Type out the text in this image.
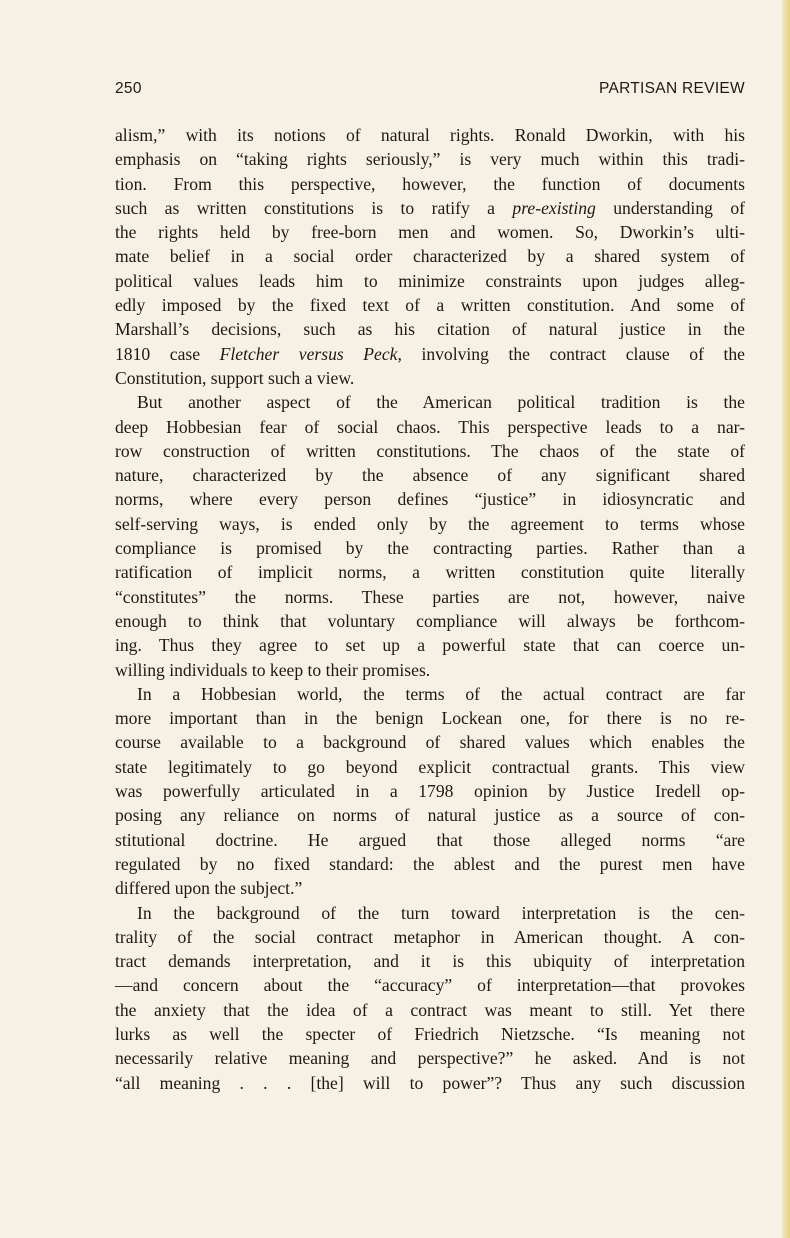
250	PARTISAN REVIEW
alism,” with its notions of natural rights. Ronald Dworkin, with his
emphasis on “taking rights seriously,” is very much within this tradi-
tion. From this perspective, however, the function of documents
such as written constitutions is to ratify a pre-existing understanding of
the rights held by free-born men and women. So, Dworkin’s ulti-
mate belief in a social order characterized by a shared system of
political values leads him to minimize constraints upon judges alleg-
edly imposed by the fixed text of a written constitution. And some of
Marshall’s decisions, such as his citation of natural justice in the
1810 case Fletcher versus Peck, involving the contract clause of the
Constitution, support such a view.
But another aspect of the American political tradition is the
deep Hobbesian fear of social chaos. This perspective leads to a nar-
row construction of written constitutions. The chaos of the state of
nature, characterized by the absence of any significant shared
norms, where every person defines “justice” in idiosyncratic and
self-serving ways, is ended only by the agreement to terms whose
compliance is promised by the contracting parties. Rather than a
ratification of implicit norms, a written constitution quite literally
“constitutes” the norms. These parties are not, however, naive
enough to think that voluntary compliance will always be forthcom-
ing. Thus they agree to set up a powerful state that can coerce un-
willing individuals to keep to their promises.
In a Hobbesian world, the terms of the actual contract are far
more important than in the benign Lockean one, for there is no re-
course available to a background of shared values which enables the
state legitimately to go beyond explicit contractual grants. This view
was powerfully articulated in a 1798 opinion by Justice Iredell op-
posing any reliance on norms of natural justice as a source of con-
stitutional doctrine. He argued that those alleged norms “are
regulated by no fixed standard: the ablest and the purest men have
differed upon the subject.”
In the background of the turn toward interpretation is the cen-
trality of the social contract metaphor in American thought. A con-
tract demands interpretation, and it is this ubiquity of interpretation
—and concern about the “accuracy” of interpretation—that provokes
the anxiety that the idea of a contract was meant to still. Yet there
lurks as well the specter of Friedrich Nietzsche. “Is meaning not
necessarily relative meaning and perspective?” he asked. And is not
“all meaning . . . [the] will to power”? Thus any such discussion
